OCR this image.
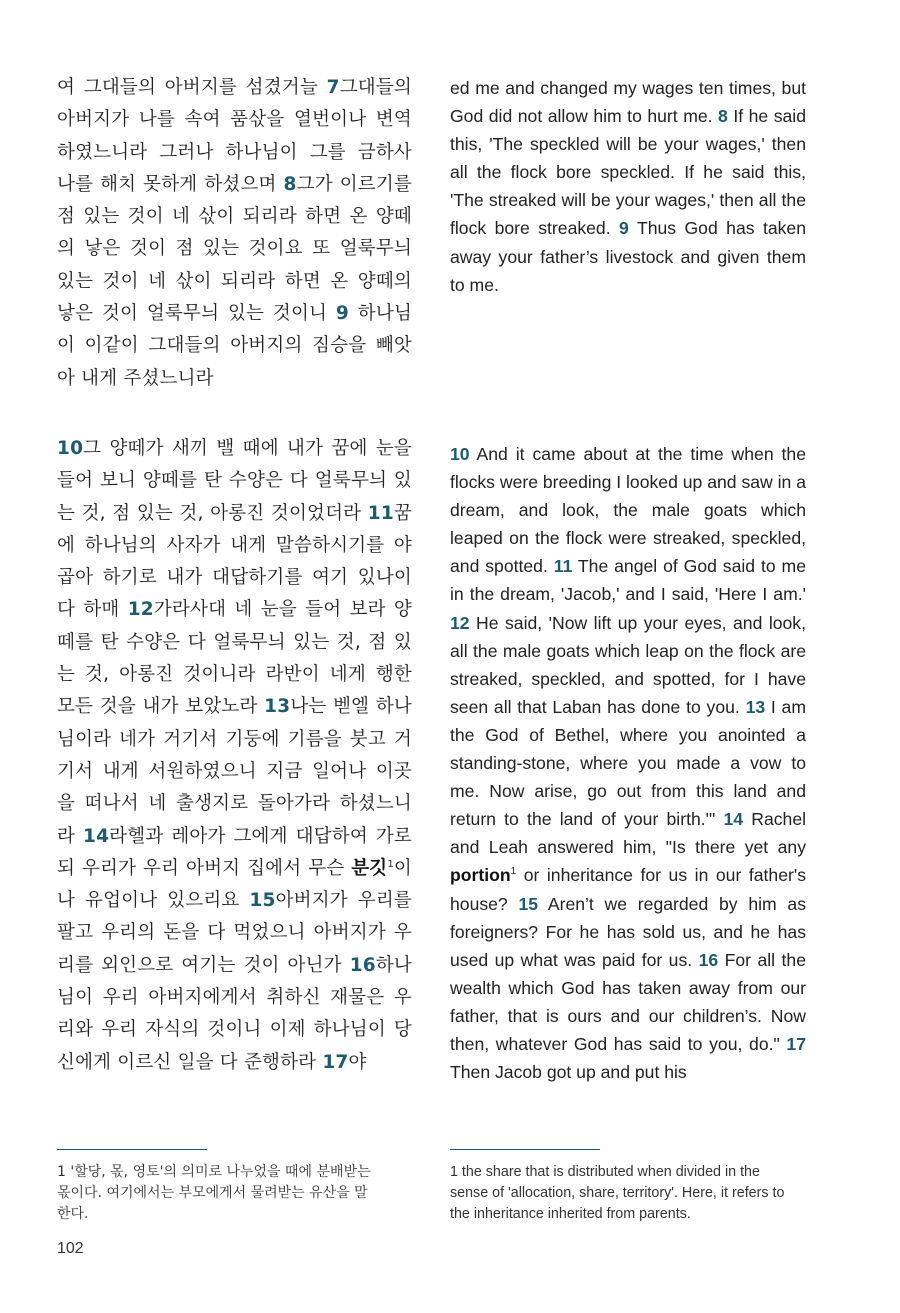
여 그대들의 아버지를 섬겼거늘 7그대들의 아버지가 나를 속여 품삯을 열번이나 변역하였느니라 그러나 하나님이 그를 금하사 나를 해치 못하게 하셨으며 8그가 이르기를 점 있는 것이 네 삯이 되리라 하면 온 양떼의 낳은 것이 점 있는 것이요 또 얼룩무늬 있는 것이 네 삯이 되리라 하면 온 양떼의 낳은 것이 얼룩무늬 있는 것이니 9 하나님이 이같이 그대들의 아버지의 짐승을 빼앗아 내게 주셨느니라
ed me and changed my wages ten times, but God did not allow him to hurt me. 8 If he said this, 'The speckled will be your wages,' then all the flock bore speckled. If he said this, 'The streaked will be your wages,' then all the flock bore streaked. 9 Thus God has taken away your father’s livestock and given them to me.
10그 양떼가 새끼 밸 때에 내가 꿈에 눈을 들어 보니 양떼를 탄 수양은 다 얼룩무늬 있는 것, 점 있는 것, 아롱진 것이었더라 11꿈에 하나님의 사자가 내게 말씀하시기를 야곱아 하기로 내가 대답하기를 여기 있나이다 하매 12가라사대 네 눈을 들어 보라 양떼를 탄 수양은 다 얼룩무늬 있는 것, 점 있는 것, 아롱진 것이니라 라반이 네게 행한 모든 것을 내가 보았노라 13나는 벧엘 하나님이라 네가 거기서 기둥에 기름을 붓고 거기서 내게 서원하였으니 지금 일어나 이곳을 떠나서 네 출생지로 돌아가라 하셨느니라 14라헬과 레아가 그에게 대답하여 가로되 우리가 우리 아버지 집에서 무슨 분깃$^1$이나 유업이나 있으리요 15아버지가 우리를 팔고 우리의 돈을 다 먹었으니 아버지가 우리를 외인으로 여기는 것이 아닌가 16하나님이 우리 아버지에게서 취하신 재물은 우리와 우리 자식의 것이니 이제 하나님이 당신에게 이르신 일을 다 준행하라 17야
10 And it came about at the time when the flocks were breeding I looked up and saw in a dream, and look, the male goats which leaped on the flock were streaked, speckled, and spotted. 11 The angel of God said to me in the dream, 'Jacob,' and I said, 'Here I am.' 12 He said, 'Now lift up your eyes, and look, all the male goats which leap on the flock are streaked, speckled, and spotted, for I have seen all that Laban has done to you. 13 I am the God of Bethel, where you anointed a standing-stone, where you made a vow to me. Now arise, go out from this land and return to the land of your birth.'" 14 Rachel and Leah answered him, "Is there yet any portion$^1$ or inheritance for us in our father's house? 15 Aren’t we regarded by him as foreigners? For he has sold us, and he has used up what was paid for us. 16 For all the wealth which God has taken away from our father, that is ours and our children’s. Now then, whatever God has said to you, do." 17 Then Jacob got up and put his
1 '할당, 몫, 영토'의 의미로 나누었을 때에 분배받는 몫이다. 여기에서는 부모에게서 물려받는 유산을 말한다.
1 the share that is distributed when divided in the sense of 'allocation, share, territory'. Here, it refers to the inheritance inherited from parents.
102
